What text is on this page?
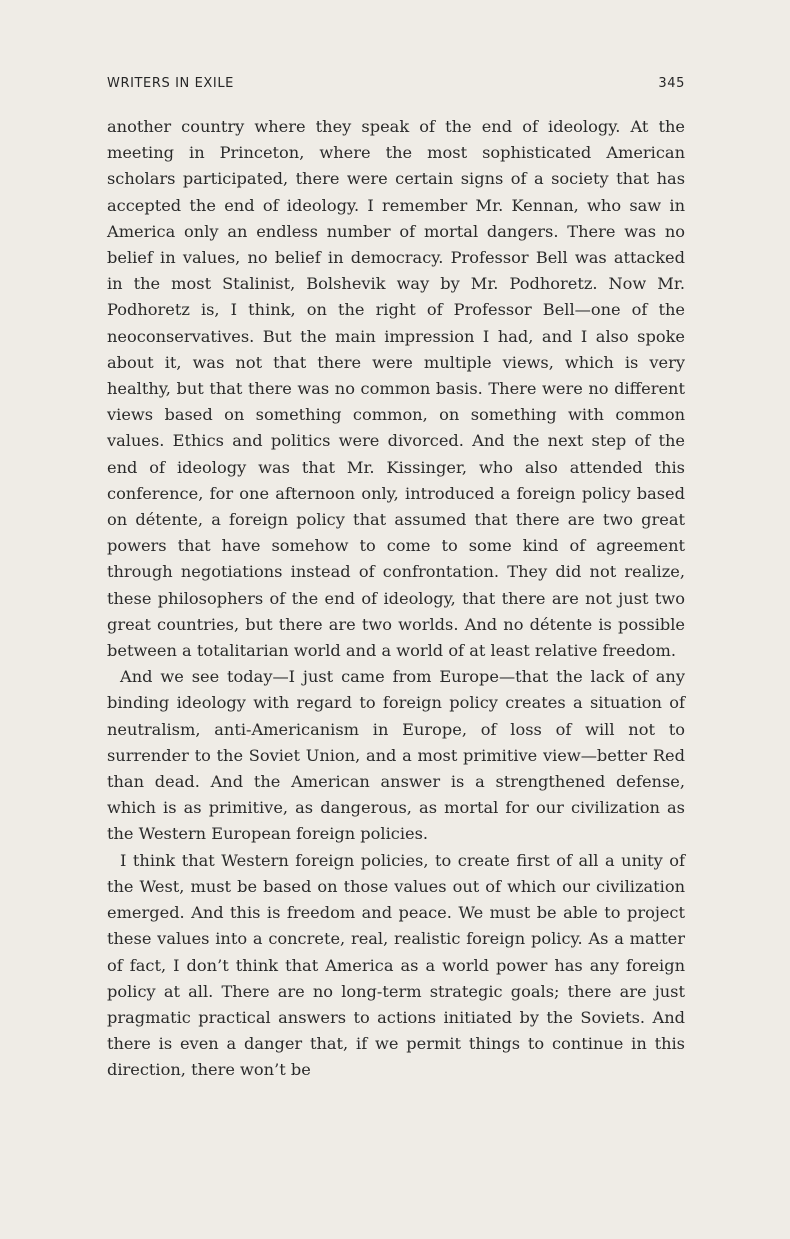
WRITERS IN EXILE	345

another country where they speak of the end of ideology. At the meeting in Princeton, where the most sophisticated American scholars participated, there were certain signs of a society that has accepted the end of ideology. I remember Mr. Kennan, who saw in America only an endless number of mortal dangers. There was no belief in values, no belief in democracy. Professor Bell was attacked in the most Stalinist, Bolshevik way by Mr. Podhoretz. Now Mr. Podhoretz is, I think, on the right of Professor Bell—one of the neoconservatives. But the main impression I had, and I also spoke about it, was not that there were multiple views, which is very healthy, but that there was no common basis. There were no different views based on something common, on something with common values. Ethics and politics were divorced. And the next step of the end of ideology was that Mr. Kissinger, who also attended this conference, for one afternoon only, introduced a foreign policy based on détente, a foreign policy that assumed that there are two great powers that have somehow to come to some kind of agreement through negotiations instead of confrontation. They did not realize, these philosophers of the end of ideology, that there are not just two great countries, but there are two worlds. And no détente is possible between a totalitarian world and a world of at least relative freedom.

And we see today—I just came from Europe—that the lack of any binding ideology with regard to foreign policy creates a situation of neutralism, anti-Americanism in Europe, of loss of will not to surrender to the Soviet Union, and a most primitive view—better Red than dead. And the American answer is a strengthened defense, which is as primitive, as dangerous, as mortal for our civilization as the Western European foreign policies.

I think that Western foreign policies, to create first of all a unity of the West, must be based on those values out of which our civilization emerged. And this is freedom and peace. We must be able to project these values into a concrete, real, realistic foreign policy. As a matter of fact, I don’t think that America as a world power has any foreign policy at all. There are no long-term strategic goals; there are just pragmatic practical answers to actions initiated by the Soviets. And there is even a danger that, if we permit things to continue in this direction, there won’t be
